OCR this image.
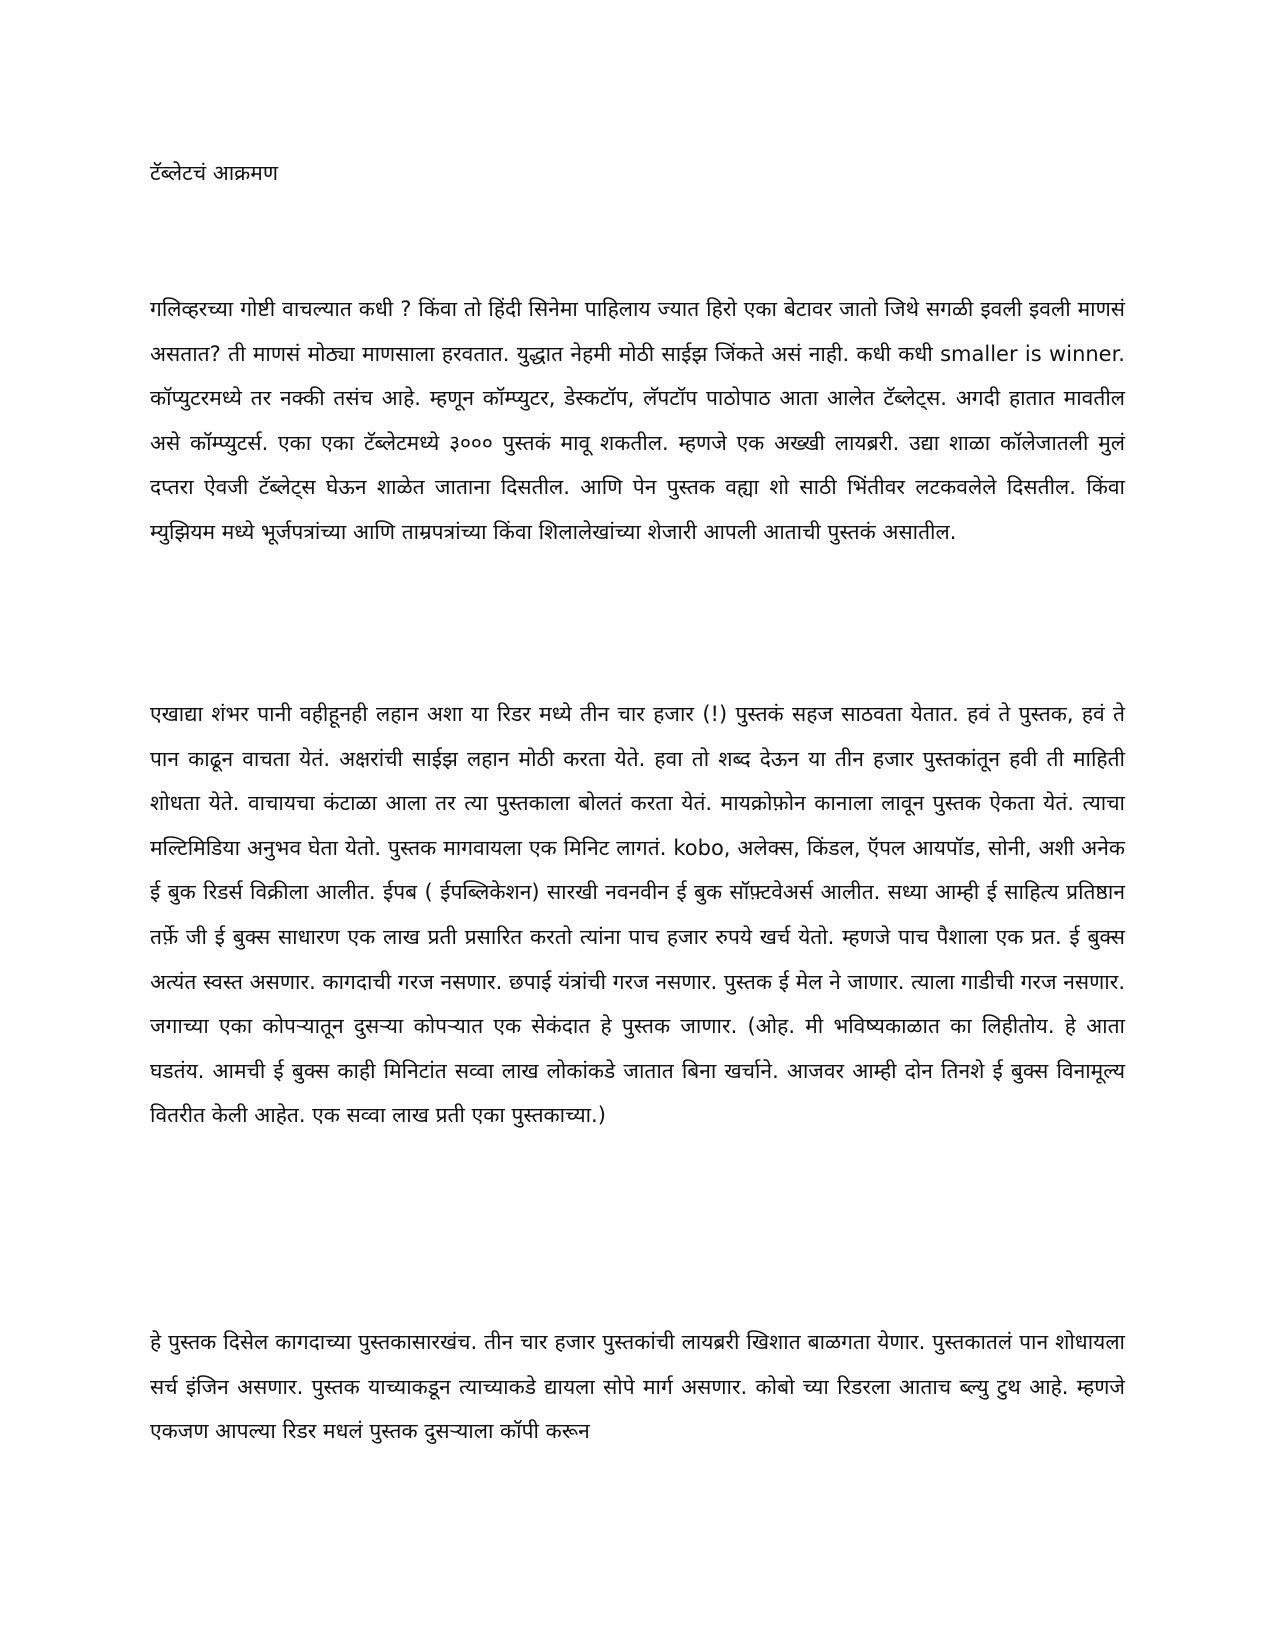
टॅब्लेटचं आक्रमण

गलिव्हरच्या गोष्टी वाचल्यात कधी ? किंवा तो हिंदी सिनेमा पाहिलाय ज्यात हिरो एका बेटावर जातो जिथे सगळी इवली इवली माणसं असतात? ती माणसं मोठ्या माणसाला हरवतात. युद्धात नेहमी मोठी साईझ जिंकते असं नाही. कधी कधी smaller is winner. कॉप्युटरमध्ये तर नक्की तसंच आहे. म्हणून कॉम्प्युटर, डेस्कटॉप, लॅपटॉप पाठोपाठ आता आलेत टॅब्लेट्स. अगदी हातात मावतील असे कॉम्प्युटर्स. एका एका टॅब्लेटमध्ये ३००० पुस्तकं मावू शकतील. म्हणजे एक अख्खी लायब्ररी. उद्या शाळा कॉलेजातली मुलं दप्तरा ऐवजी टॅब्लेट्स घेऊन शाळेत जाताना दिसतील. आणि पेन पुस्तक वह्या शो साठी भिंतीवर लटकवलेले दिसतील. किंवा म्युझियम मध्ये भूर्जपत्रांच्या आणि ताम्रपत्रांच्या किंवा शिलालेखांच्या शेजारी आपली आताची पुस्तकं असातील.

एखाद्या शंभर पानी वहीहूनही लहान अशा या रिडर मध्ये तीन चार हजार (!) पुस्तकं सहज साठवता येतात. हवं ते पुस्तक, हवं ते पान काढून वाचता येतं. अक्षरांची साईझ लहान मोठी करता येते. हवा तो शब्द देऊन या तीन हजार पुस्तकांतून हवी ती माहिती शोधता येते. वाचायचा कंटाळा आला तर त्या पुस्तकाला बोलतं करता येतं. मायक्रोफ़ोन कानाला लावून पुस्तक ऐकता येतं. त्याचा मल्टिमिडिया अनुभव घेता येतो. पुस्तक मागवायला एक मिनिट लागतं. kobo, अलेक्स, किंडल, ऍपल आयपॉड, सोनी, अशी अनेक ई बुक रिडर्स विक्रीला आलीत. ईपब ( ईपब्लिकेशन) सारखी नवनवीन ई बुक सॉफ़्टवेअर्स आलीत. सध्या आम्ही ई साहित्य प्रतिष्ठान तर्फ़े जी ई बुक्स साधारण एक लाख प्रती प्रसारित करतो त्यांना पाच हजार रुपये खर्च येतो. म्हणजे पाच पैशाला एक प्रत. ई बुक्स अत्यंत स्वस्त असणार. कागदाची गरज नसणार. छपाई यंत्रांची गरज नसणार. पुस्तक ई मेल ने जाणार. त्याला गाडीची गरज नसणार. जगाच्या एका कोपऱ्यातून दुसऱ्या कोपऱ्यात एक सेकंदात हे पुस्तक जाणार. (ओह. मी भविष्यकाळात का लिहीतोय. हे आता घडतंय. आमची ई बुक्स काही मिनिटांत सव्वा लाख लोकांकडे जातात बिना खर्चाने. आजवर आम्ही दोन तिनशे ई बुक्स विनामूल्य वितरीत केली आहेत. एक सव्वा लाख प्रती एका पुस्तकाच्या.)

हे पुस्तक दिसेल कागदाच्या पुस्तकासारखंच. तीन चार हजार पुस्तकांची लायब्ररी खिशात बाळगता येणार. पुस्तकातलं पान शोधायला सर्च इंजिन असणार. पुस्तक याच्याकडून त्याच्याकडे द्यायला सोपे मार्ग असणार. कोबो च्या रिडरला आताच ब्ल्यु टुथ आहे. म्हणजे एकजण आपल्या रिडर मधलं पुस्तक दुसऱ्याला कॉपी करून
